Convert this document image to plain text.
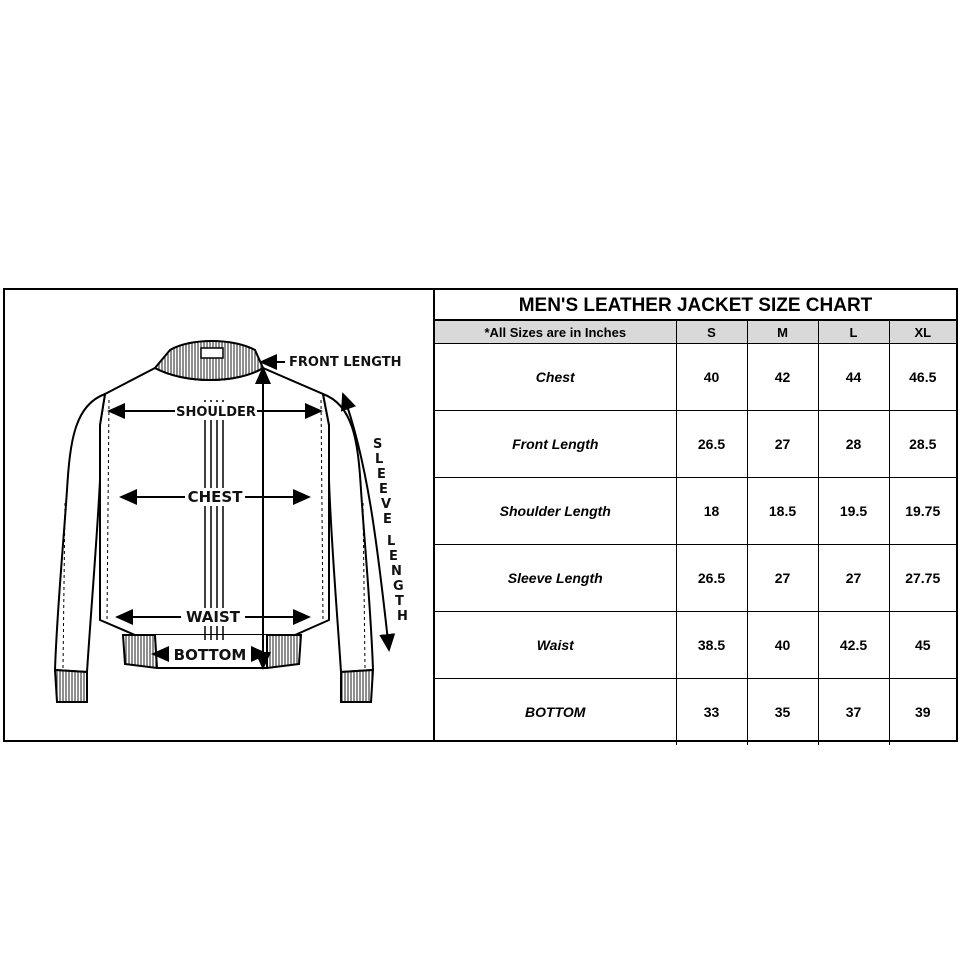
FRONT LENGTH
SHOULDER
CHEST
WAIST
BOTTOM
S
L
E
E
V
E
L
E
N
G
T
H
MEN'S LEATHER JACKET SIZE CHART
*All Sizes are in Inches	S	M	L	XL
Chest	40	42	44	46.5
Front Length	26.5	27	28	28.5
Shoulder Length	18	18.5	19.5	19.75
Sleeve Length	26.5	27	27	27.75
Waist	38.5	40	42.5	45
BOTTOM	33	35	37	39
